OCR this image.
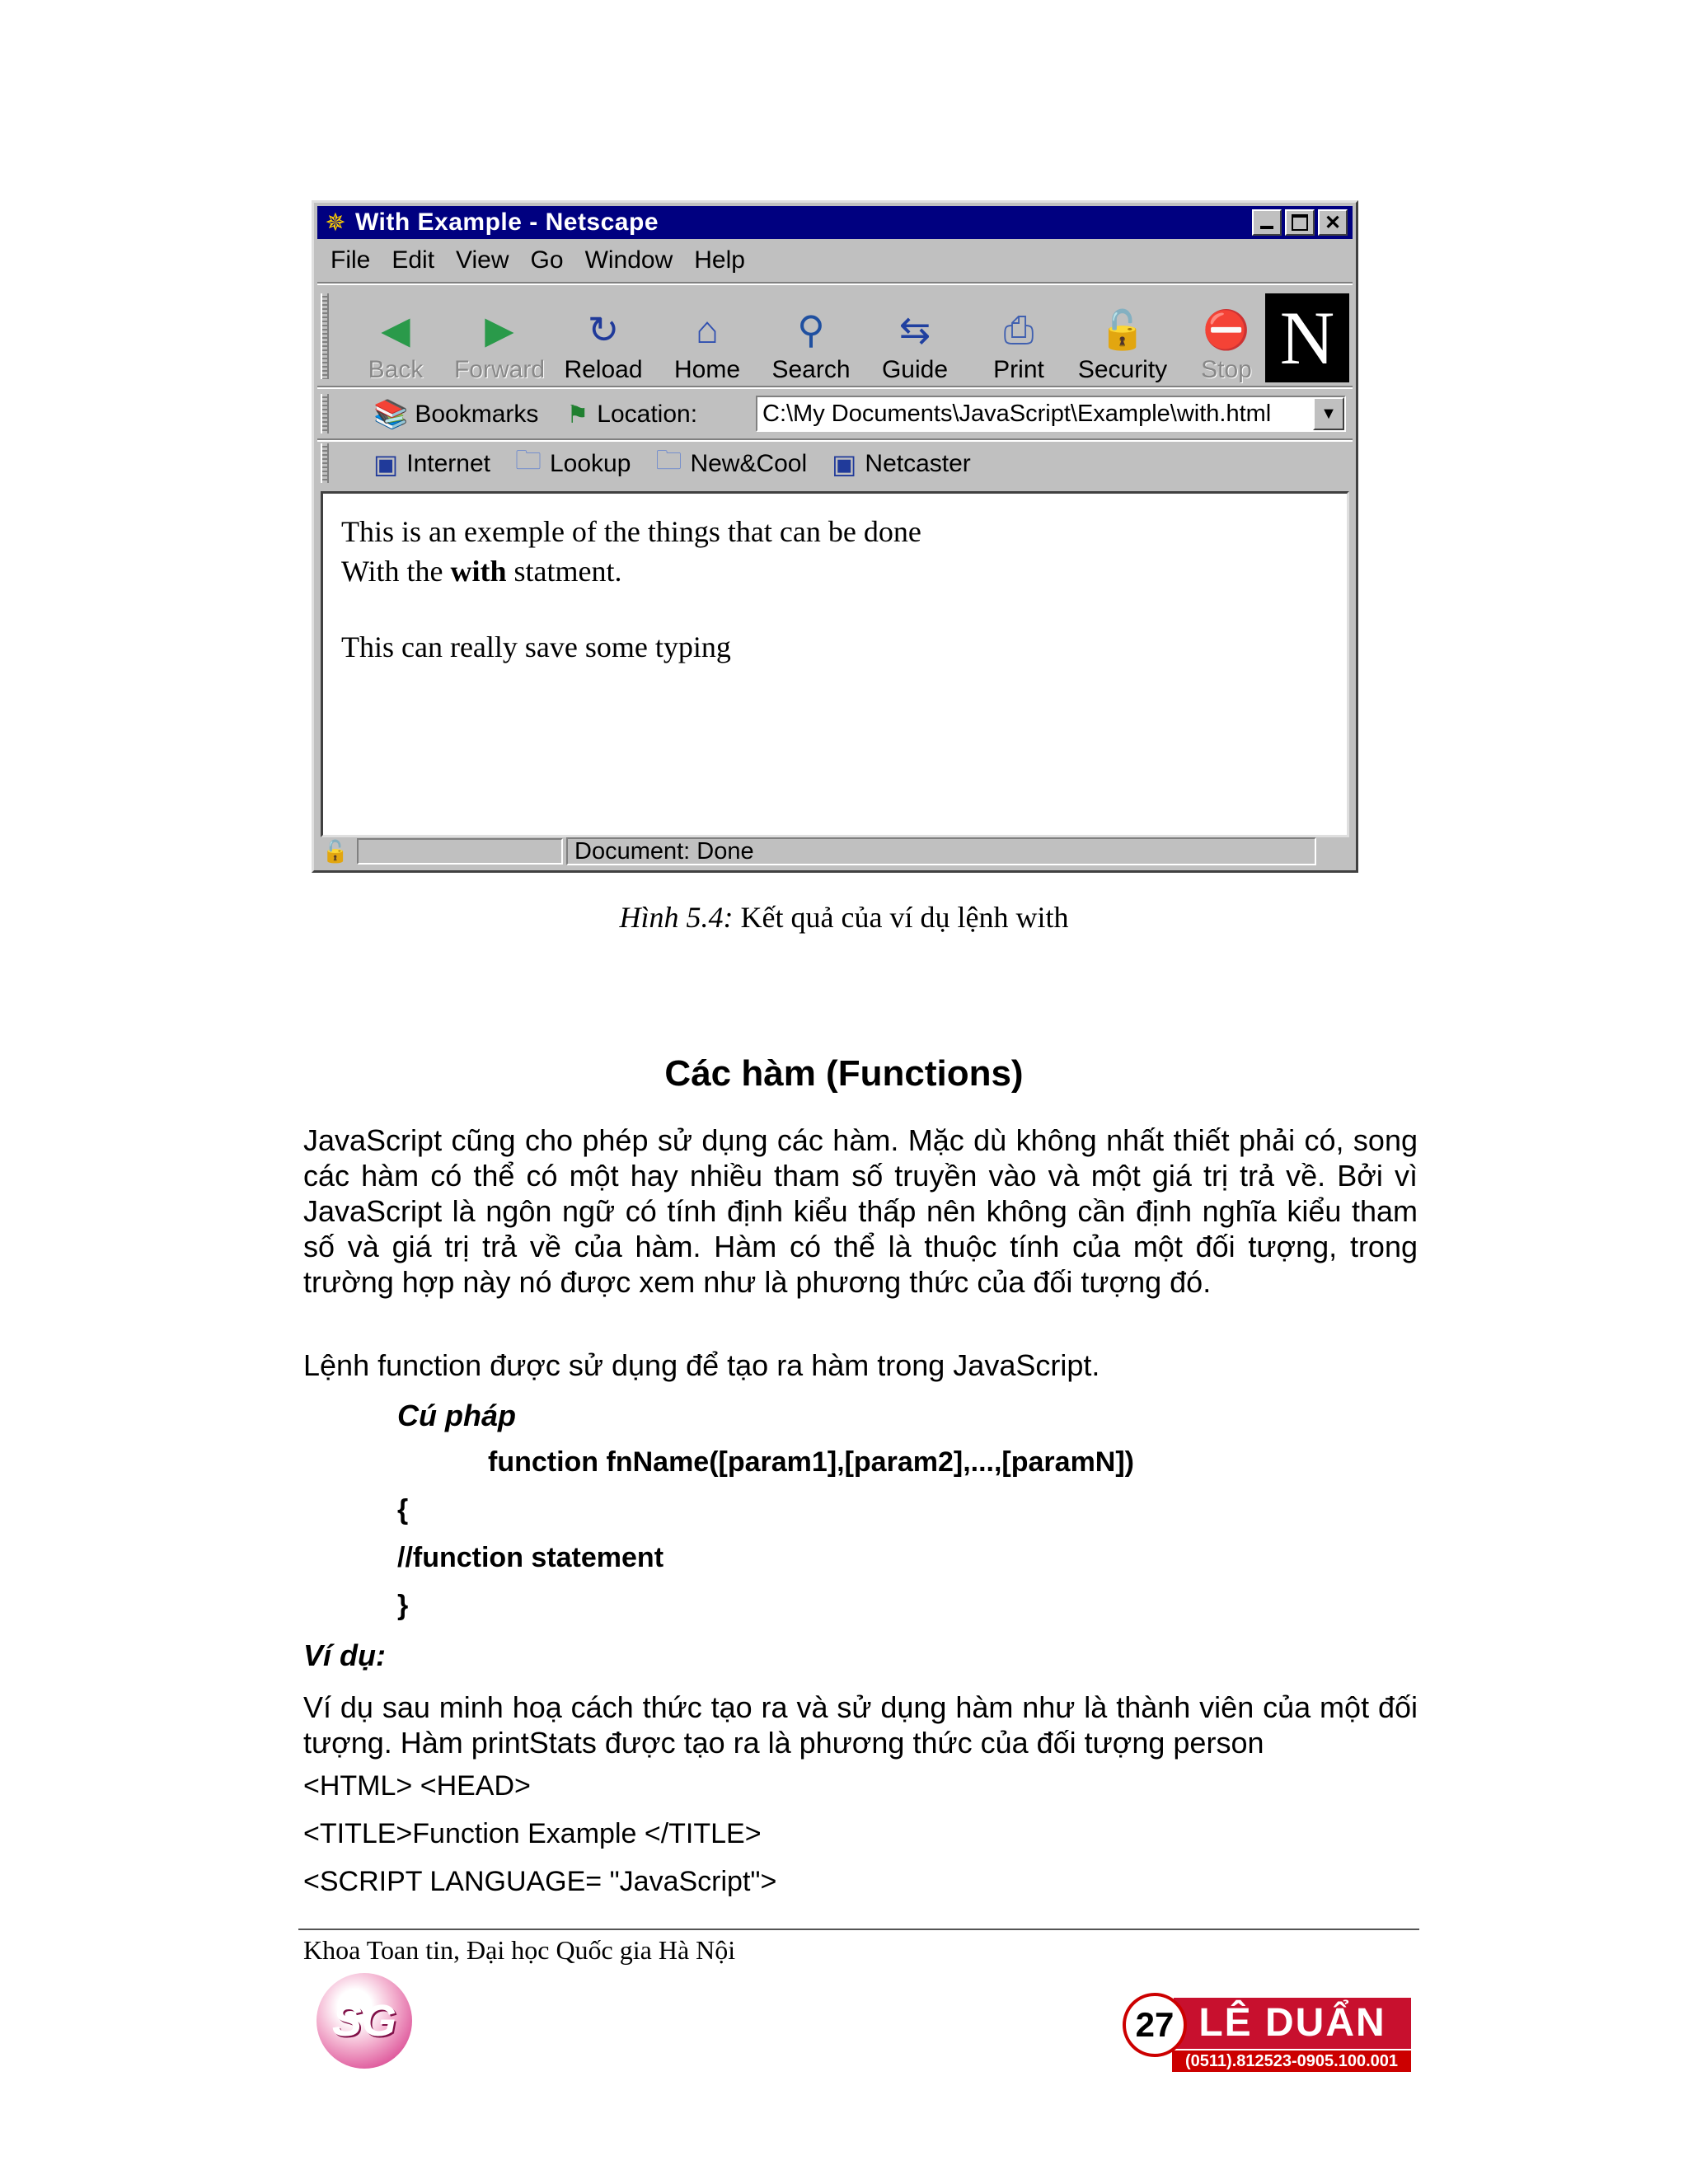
✵ With Example - Netscape	✕
File Edit View Go Window Help
◀
Back
▶
Forward
↻
Reload
⌂
Home
⚲
Search
⇆
Guide
⎙
Print
🔓
Security
⛔
Stop N
📚 Bookmarks ⚑ Location:	C:\My Documents\JavaScript\Example\with.html	▼
▣ Internet 🗀 Lookup 🗀 New&Cool ▣ Netcaster

This is an exemple of the things that can be done

With the with statment.

This can really save some typing

🔓	Document: Done
Hình 5.4: Kết quả của ví dụ lệnh with
Các hàm (Functions)
JavaScript cũng cho phép sử dụng các hàm. Mặc dù không nhất thiết phải có, song các hàm có thể có một hay nhiều tham số truyền vào và một giá trị trả về. Bởi vì JavaScript là ngôn ngữ có tính định kiểu thấp nên không cần định nghĩa kiểu tham số và giá trị trả về của hàm. Hàm có thể là thuộc tính của một đối tượng, trong trường hợp này nó được xem như là phương thức của đối tượng đó.
Lệnh function được sử dụng để tạo ra hàm trong JavaScript.
Cú pháp
function fnName([param1],[param2],...,[paramN])
{
//function statement
}
Ví dụ:
Ví dụ sau minh hoạ cách thức tạo ra và sử dụng hàm như là thành viên của một đối tượng. Hàm printStats được tạo ra là phương thức của đối tượng person
<HTML> <HEAD>
<TITLE>Function Example </TITLE>
<SCRIPT LANGUAGE= "JavaScript">
Khoa Toan tin, Đại học Quốc gia Hà Nội
SG	LÊ DUẨN
27
(0511).812523-0905.100.001
